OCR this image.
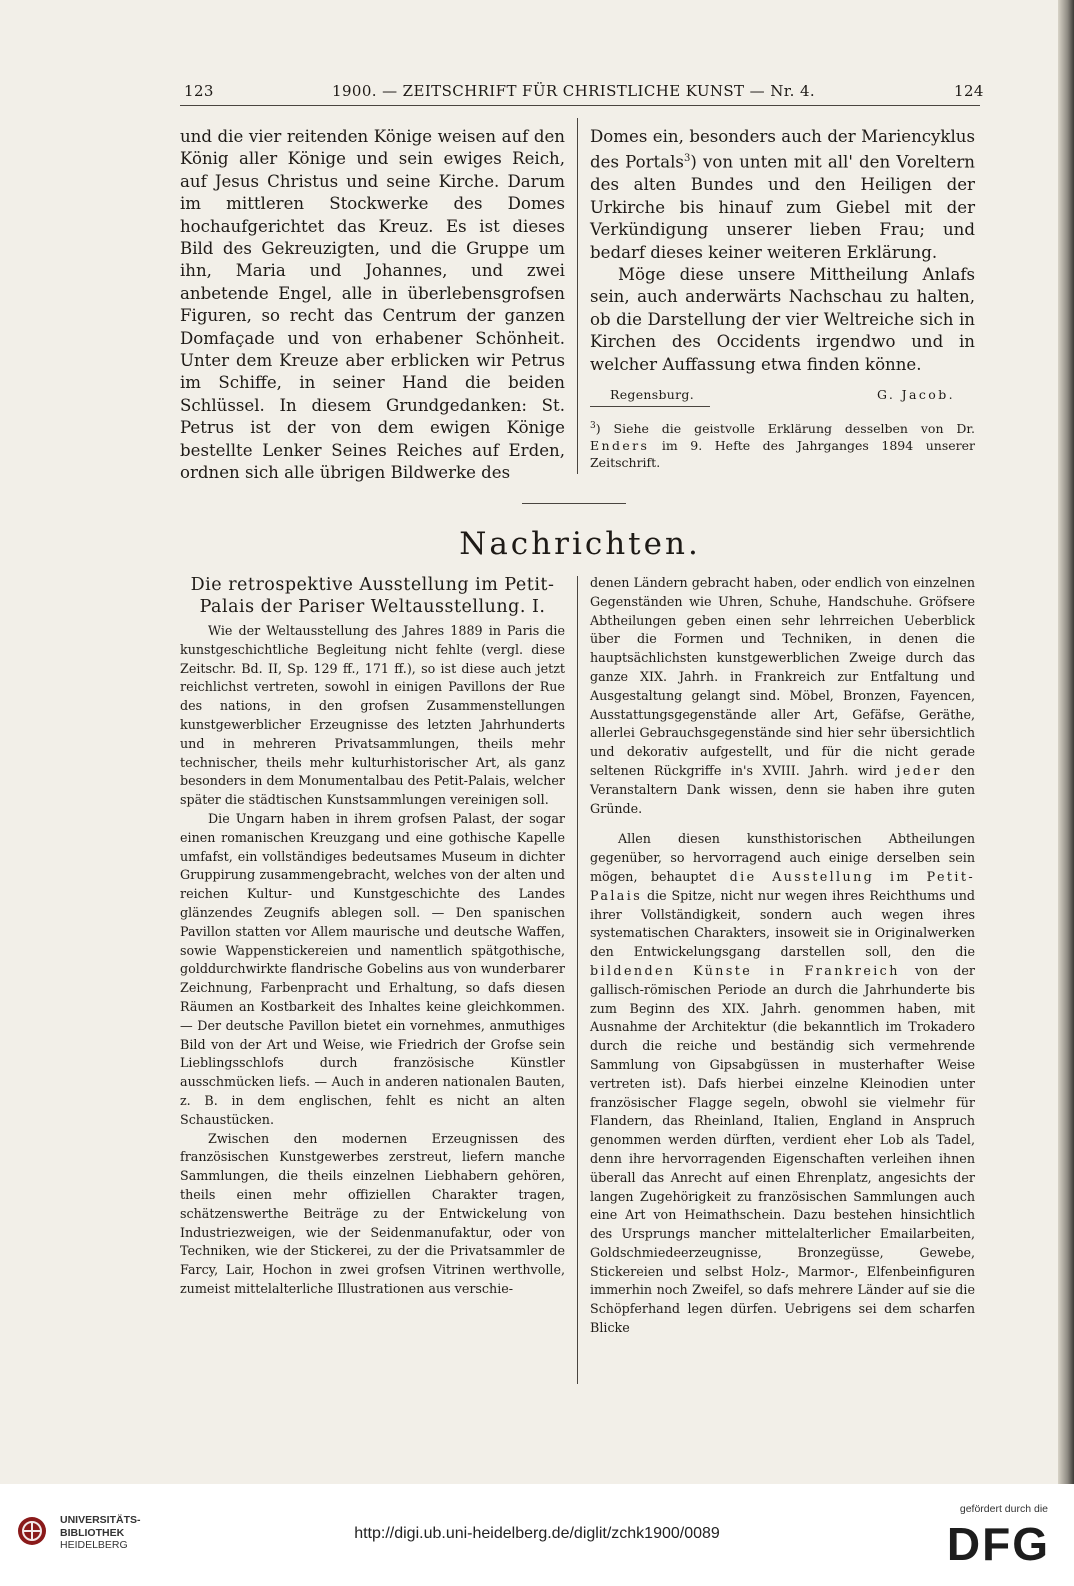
123	1900. — ZEITSCHRIFT FÜR CHRISTLICHE KUNST — Nr. 4.	124

und die vier reitenden Könige weisen auf den König aller Könige und sein ewiges Reich, auf Jesus Christus und seine Kirche. Darum im mittleren Stockwerke des Domes hochaufgerichtet das Kreuz. Es ist dieses Bild des Gekreuzigten, und die Gruppe um ihn, Maria und Johannes, und zwei anbetende Engel, alle in überlebensgrofsen Figuren, so recht das Centrum der ganzen Domfaçade und von erhabener Schönheit. Unter dem Kreuze aber erblicken wir Petrus im Schiffe, in seiner Hand die beiden Schlüssel. In diesem Grundgedanken: St. Petrus ist der von dem ewigen Könige bestellte Lenker Seines Reiches auf Erden, ordnen sich alle übrigen Bildwerke des

Domes ein, besonders auch der Mariencyklus des Portals$^3$) von unten mit all' den Voreltern des alten Bundes und den Heiligen der Urkirche bis hinauf zum Giebel mit der Verkündigung unserer lieben Frau; und bedarf dieses keiner weiteren Erklärung.

Möge diese unsere Mittheilung Anlafs sein, auch anderwärts Nachschau zu halten, ob die Darstellung der vier Weltreiche sich in Kirchen des Occidents irgendwo und in welcher Auffassung etwa finden könne.

Regensburg.	G. Jacob.
$^3$) Siehe die geistvolle Erklärung desselben von Dr. Enders im 9. Hefte des Jahrganges 1894 unserer Zeitschrift.
Nachrichten.
Die retrospektive Ausstellung im Petit-Palais der Pariser Weltausstellung. I.

Wie der Weltausstellung des Jahres 1889 in Paris die kunstgeschichtliche Begleitung nicht fehlte (vergl. diese Zeitschr. Bd. II, Sp. 129 ff., 171 ff.), so ist diese auch jetzt reichlichst vertreten, sowohl in einigen Pavillons der Rue des nations, in den grofsen Zusammenstellungen kunstgewerblicher Erzeugnisse des letzten Jahrhunderts und in mehreren Privatsammlungen, theils mehr technischer, theils mehr kulturhistorischer Art, als ganz besonders in dem Monumentalbau des Petit-Palais, welcher später die städtischen Kunstsammlungen vereinigen soll.

Die Ungarn haben in ihrem grofsen Palast, der sogar einen romanischen Kreuzgang und eine gothische Kapelle umfafst, ein vollständiges bedeutsames Museum in dichter Gruppirung zusammengebracht, welches von der alten und reichen Kultur- und Kunstgeschichte des Landes glänzendes Zeugnifs ablegen soll. — Den spanischen Pavillon statten vor Allem maurische und deutsche Waffen, sowie Wappenstickereien und namentlich spätgothische, golddurchwirkte flandrische Gobelins aus von wunderbarer Zeichnung, Farbenpracht und Erhaltung, so dafs diesen Räumen an Kostbarkeit des Inhaltes keine gleichkommen. — Der deutsche Pavillon bietet ein vornehmes, anmuthiges Bild von der Art und Weise, wie Friedrich der Grofse sein Lieblingsschlofs durch französische Künstler ausschmücken liefs. — Auch in anderen nationalen Bauten, z. B. in dem englischen, fehlt es nicht an alten Schaustücken.

Zwischen den modernen Erzeugnissen des französischen Kunstgewerbes zerstreut, liefern manche Sammlungen, die theils einzelnen Liebhabern gehören, theils einen mehr offiziellen Charakter tragen, schätzenswerthe Beiträge zu der Entwickelung von Industriezweigen, wie der Seidenmanufaktur, oder von Techniken, wie der Stickerei, zu der die Privatsammler de Farcy, Lair, Hochon in zwei grofsen Vitrinen werthvolle, zumeist mittelalterliche Illustrationen aus verschie-

denen Ländern gebracht haben, oder endlich von einzelnen Gegenständen wie Uhren, Schuhe, Handschuhe. Gröfsere Abtheilungen geben einen sehr lehrreichen Ueberblick über die Formen und Techniken, in denen die hauptsächlichsten kunstgewerblichen Zweige durch das ganze XIX. Jahrh. in Frankreich zur Entfaltung und Ausgestaltung gelangt sind. Möbel, Bronzen, Fayencen, Ausstattungsgegenstände aller Art, Gefäfse, Geräthe, allerlei Gebrauchsgegenstände sind hier sehr übersichtlich und dekorativ aufgestellt, und für die nicht gerade seltenen Rückgriffe in's XVIII. Jahrh. wird jeder den Veranstaltern Dank wissen, denn sie haben ihre guten Gründe.

Allen diesen kunsthistorischen Abtheilungen gegenüber, so hervorragend auch einige derselben sein mögen, behauptet die Ausstellung im Petit-Palais die Spitze, nicht nur wegen ihres Reichthums und ihrer Vollständigkeit, sondern auch wegen ihres systematischen Charakters, insoweit sie in Originalwerken den Entwickelungsgang darstellen soll, den die bildenden Künste in Frankreich von der gallisch-römischen Periode an durch die Jahrhunderte bis zum Beginn des XIX. Jahrh. genommen haben, mit Ausnahme der Architektur (die bekanntlich im Trokadero durch die reiche und beständig sich vermehrende Sammlung von Gipsabgüssen in musterhafter Weise vertreten ist). Dafs hierbei einzelne Kleinodien unter französischer Flagge segeln, obwohl sie vielmehr für Flandern, das Rheinland, Italien, England in Anspruch genommen werden dürften, verdient eher Lob als Tadel, denn ihre hervorragenden Eigenschaften verleihen ihnen überall das Anrecht auf einen Ehrenplatz, angesichts der langen Zugehörigkeit zu französischen Sammlungen auch eine Art von Heimathschein. Dazu bestehen hinsichtlich des Ursprungs mancher mittelalterlicher Emailarbeiten, Goldschmiedeerzeugnisse, Bronzegüsse, Gewebe, Stickereien und selbst Holz-, Marmor-, Elfenbeinfiguren immerhin noch Zweifel, so dafs mehrere Länder auf sie die Schöpferhand legen dürfen. Uebrigens sei dem scharfen Blicke

UNIVERSITÄTS-
BIBLIOTHEK
HEIDELBERG
http://digi.ub.uni-heidelberg.de/diglit/zchk1900/0089
gefördert durch die
DFG
